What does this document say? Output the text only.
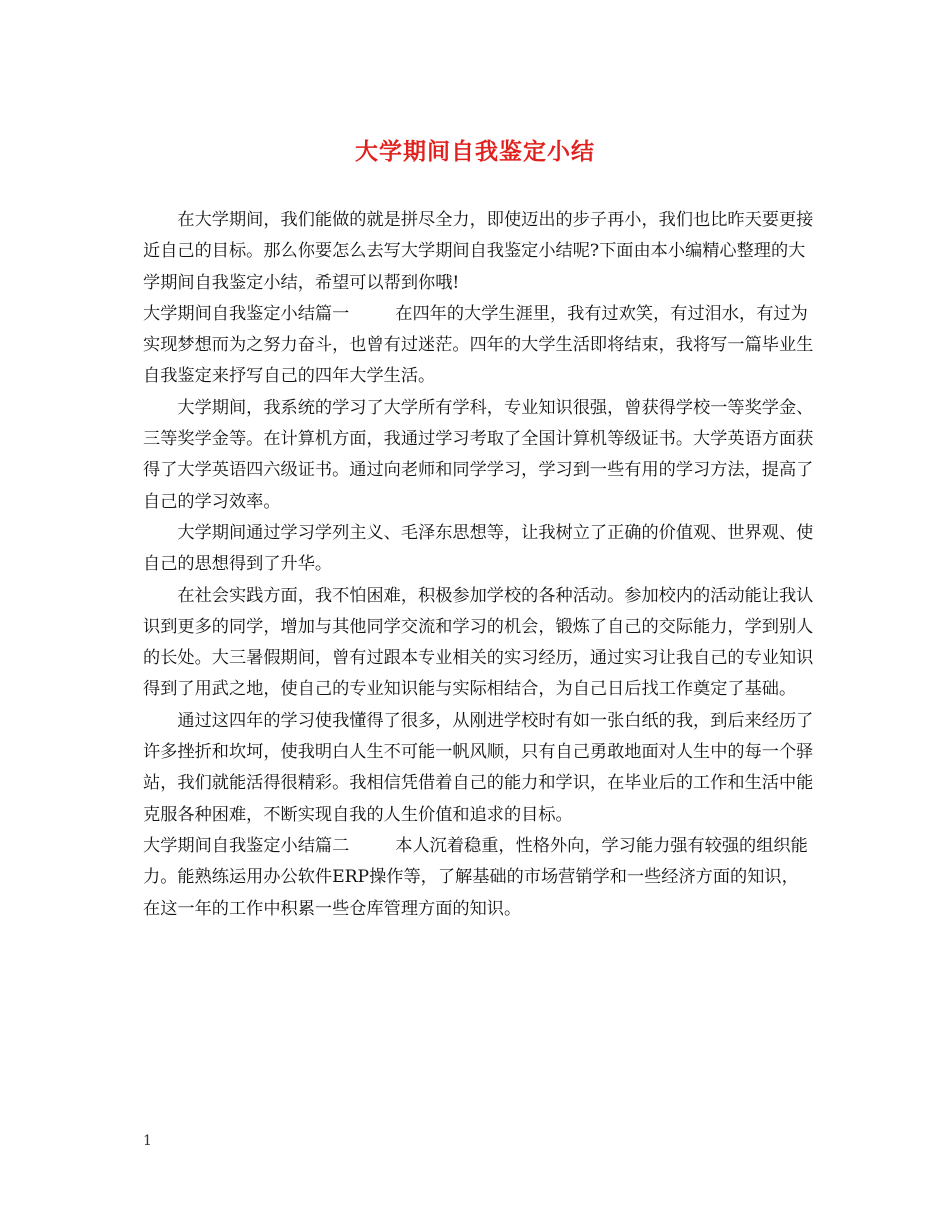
大学期间自我鉴定小结

在大学期间，我们能做的就是拼尽全力，即使迈出的步子再小，我们也比昨天要更接近自己的目标。那么你要怎么去写大学期间自我鉴定小结呢?下面由本小编精心整理的大学期间自我鉴定小结，希望可以帮到你哦!

大学期间自我鉴定小结篇一	在四年的大学生涯里，我有过欢笑，有过泪水，有过为实现梦想而为之努力奋斗，也曾有过迷茫。四年的大学生活即将结束，我将写一篇毕业生自我鉴定来抒写自己的四年大学生活。

大学期间，我系统的学习了大学所有学科，专业知识很强，曾获得学校一等奖学金、三等奖学金等。在计算机方面，我通过学习考取了全国计算机等级证书。大学英语方面获得了大学英语四六级证书。通过向老师和同学学习，学习到一些有用的学习方法，提高了自己的学习效率。

大学期间通过学习学列主义、毛泽东思想等，让我树立了正确的价值观、世界观、使自己的思想得到了升华。

在社会实践方面，我不怕困难，积极参加学校的各种活动。参加校内的活动能让我认识到更多的同学，增加与其他同学交流和学习的机会，锻炼了自己的交际能力，学到别人的长处。大三暑假期间，曾有过跟本专业相关的实习经历，通过实习让我自己的专业知识得到了用武之地，使自己的专业知识能与实际相结合，为自己日后找工作奠定了基础。

通过这四年的学习使我懂得了很多，从刚进学校时有如一张白纸的我，到后来经历了许多挫折和坎坷，使我明白人生不可能一帆风顺，只有自己勇敢地面对人生中的每一个驿站，我们就能活得很精彩。我相信凭借着自己的能力和学识，在毕业后的工作和生活中能克服各种困难，不断实现自我的人生价值和追求的目标。

大学期间自我鉴定小结篇二	本人沉着稳重，性格外向，学习能力强有较强的组织能力。能熟练运用办公软件ERP操作等，了解基础的市场营销学和一些经济方面的知识，在这一年的工作中积累一些仓库管理方面的知识。

1
